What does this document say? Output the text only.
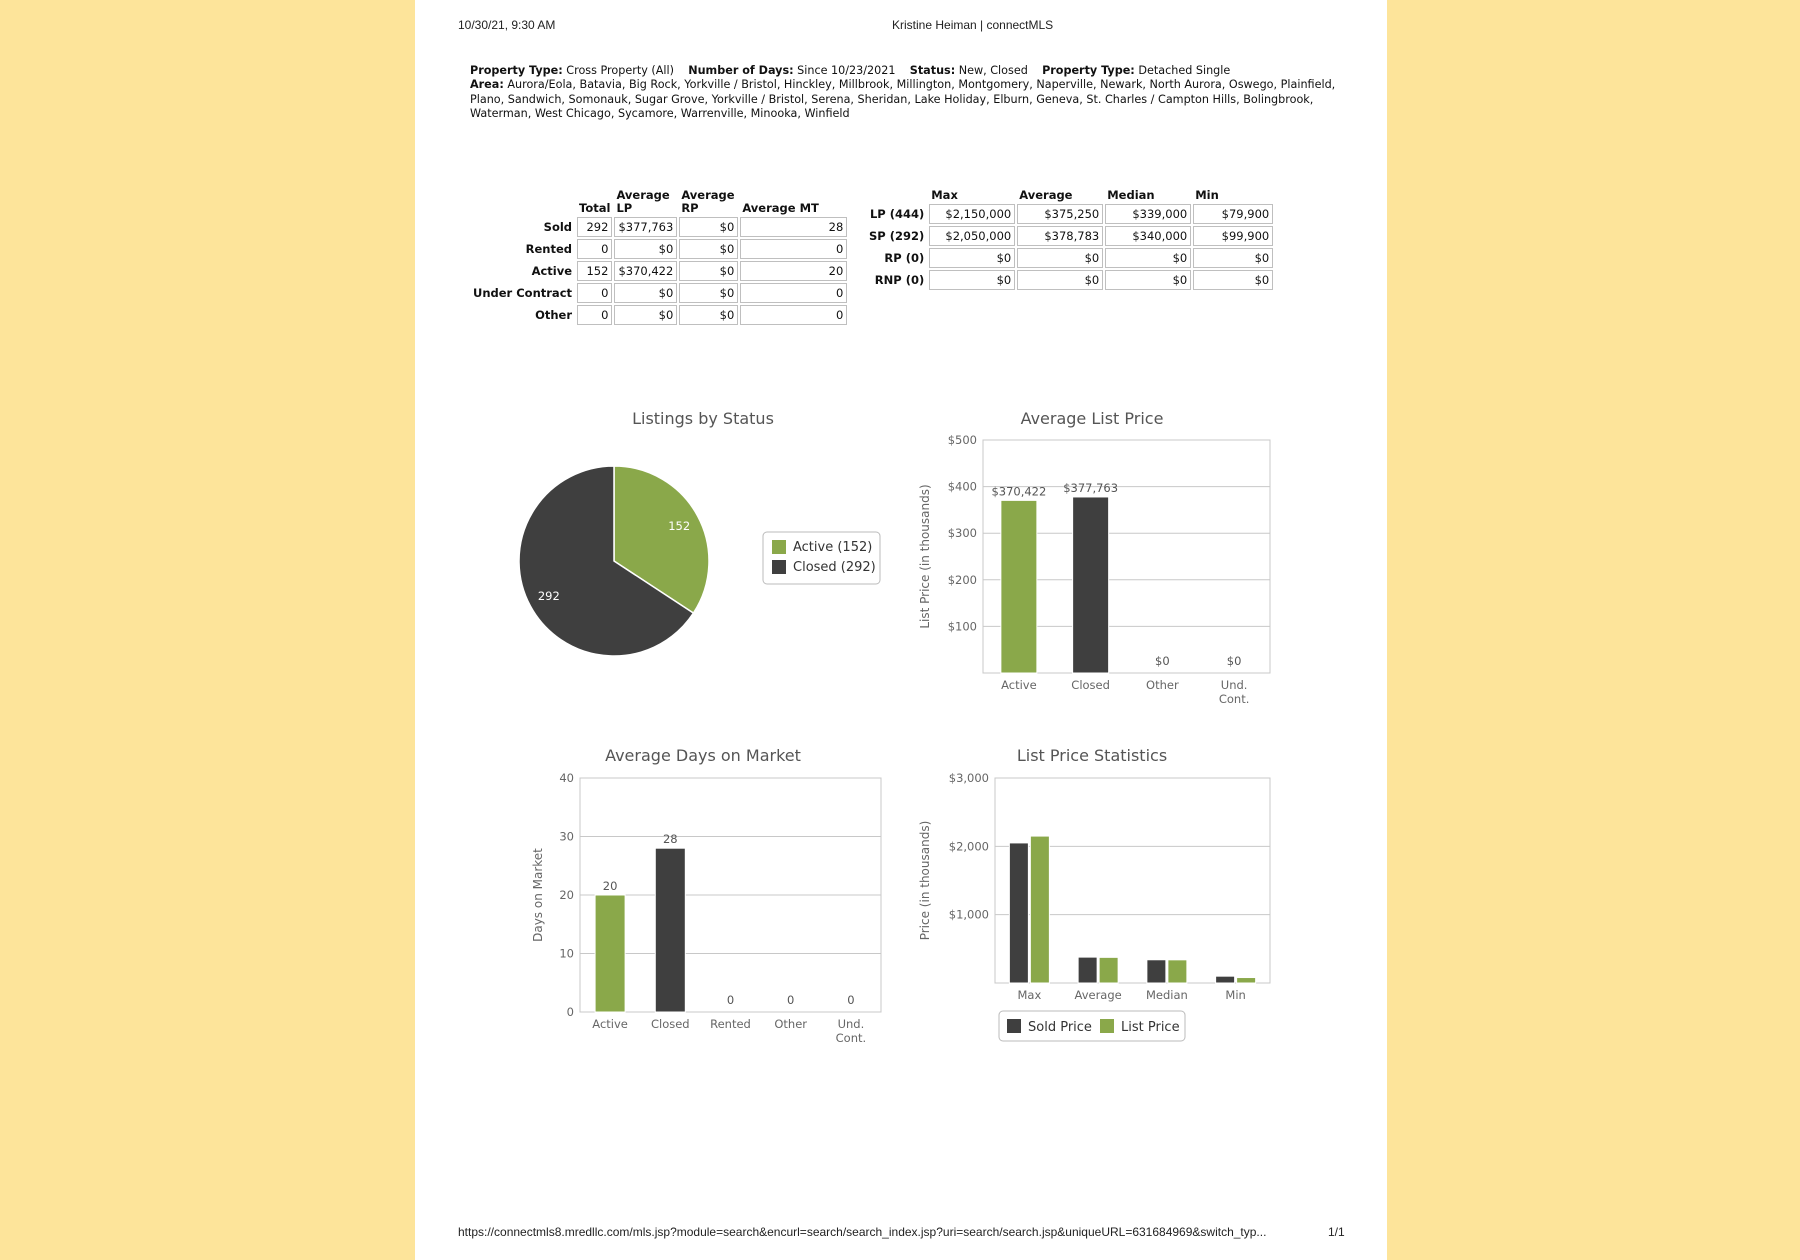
10/30/21, 9:30 AM	Kristine Heiman | connectMLS
Property Type: Cross Property (All) Number of Days: Since 10/23/2021 Status: New, Closed Property Type: Detached Single
Area: Aurora/Eola, Batavia, Big Rock, Yorkville / Bristol, Hinckley, Millbrook, Millington, Montgomery, Naperville, Newark, North Aurora, Oswego, Plainfield, Plano, Sandwich, Somonauk, Sugar Grove, Yorkville / Bristol, Serena, Sheridan, Lake Holiday, Elburn, Geneva, St. Charles / Campton Hills, Bolingbrook, Waterman, West Chicago, Sycamore, Warrenville, Minooka, Winfield
	Total	Average LP	Average RP	Average MT
Sold	292	$377,763	$0	28
Rented	0	$0	$0	0
Active	152	$370,422	$0	20
Under Contract	0	$0	$0	0
Other	0	$0	$0	0
	Max	Average	Median	Min
LP (444)	$2,150,000	$375,250	$339,000	$79,900
SP (292)	$2,050,000	$378,783	$340,000	$99,900
RP (0)	$0	$0	$0	$0
RNP (0)	$0	$0	$0	$0
Listings by Status
152
292
Active (152)
Closed (292)
Average List Price
$100
$200
$300
$400
$500
List Price (in thousands)	$370,422
Active
$377,763
Closed
$0
Other
$0
Und.
Cont.
Average Days on Market
0
10
20
30
40
Days on Market	20
Active
28
Closed
0
Rented
0
Other
0
Und.
Cont.
List Price Statistics
$1,000
$2,000
$3,000
Price (in thousands)
Max	Average Median	Min
Sold Price List Price
https://connectmls8.mredllc.com/mls.jsp?module=search&encurl=search/search_index.jsp?uri=search/search.jsp&uniqueURL=631684969&switch_typ...	1/1
